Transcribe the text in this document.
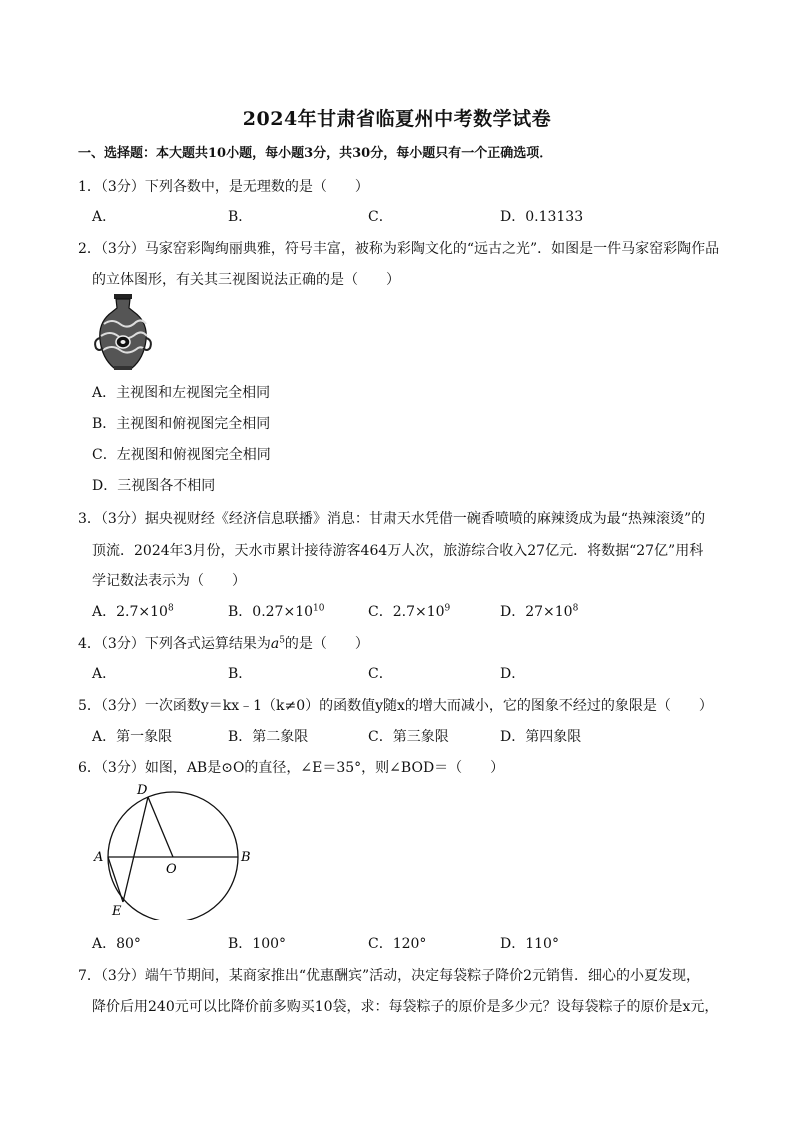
2024年甘肃省临夏州中考数学试卷
一、选择题：本大题共10小题，每小题3分，共30分，每小题只有一个正确选项．
1．（3分）下列各数中，是无理数的是（　　）
A．	B．	C．	D．0.13133
2．（3分）马家窑彩陶绚丽典雅，符号丰富，被称为彩陶文化的“远古之光”．如图是一件马家窑彩陶作品
的立体图形，有关其三视图说法正确的是（　　）
A．主视图和左视图完全相同
B．主视图和俯视图完全相同
C．左视图和俯视图完全相同
D．三视图各不相同
3．（3分）据央视财经《经济信息联播》消息：甘肃天水凭借一碗香喷喷的麻辣烫成为最“热辣滚烫”的
顶流．2024年3月份，天水市累计接待游客464万人次，旅游综合收入27亿元．将数据“27亿”用科
学记数法表示为（　　）
A．$2.7\times 10^8$	B．$0.27\times 10^{10}$	C．$2.7\times 10^9$	D．$27\times 10^8$
4．（3分）下列各式运算结果为$a^5$的是（　　）
A．	B．	C．	D．
5．（3分）一次函数y＝kx﹣1（k≠0）的函数值y随x的增大而减小，它的图象不经过的象限是（　　）
A．第一象限	B．第二象限	C．第三象限	D．第四象限
6．（3分）如图，AB是⊙O的直径，∠E＝35°，则∠BOD＝（　　）
A	B
D
E
O
A．80°	B．100°	C．120°	D．110°
7．（3分）端午节期间，某商家推出“优惠酬宾”活动，决定每袋粽子降价2元销售．细心的小夏发现，
降价后用240元可以比降价前多购买10袋，求：每袋粽子的原价是多少元？设每袋粽子的原价是x元，
